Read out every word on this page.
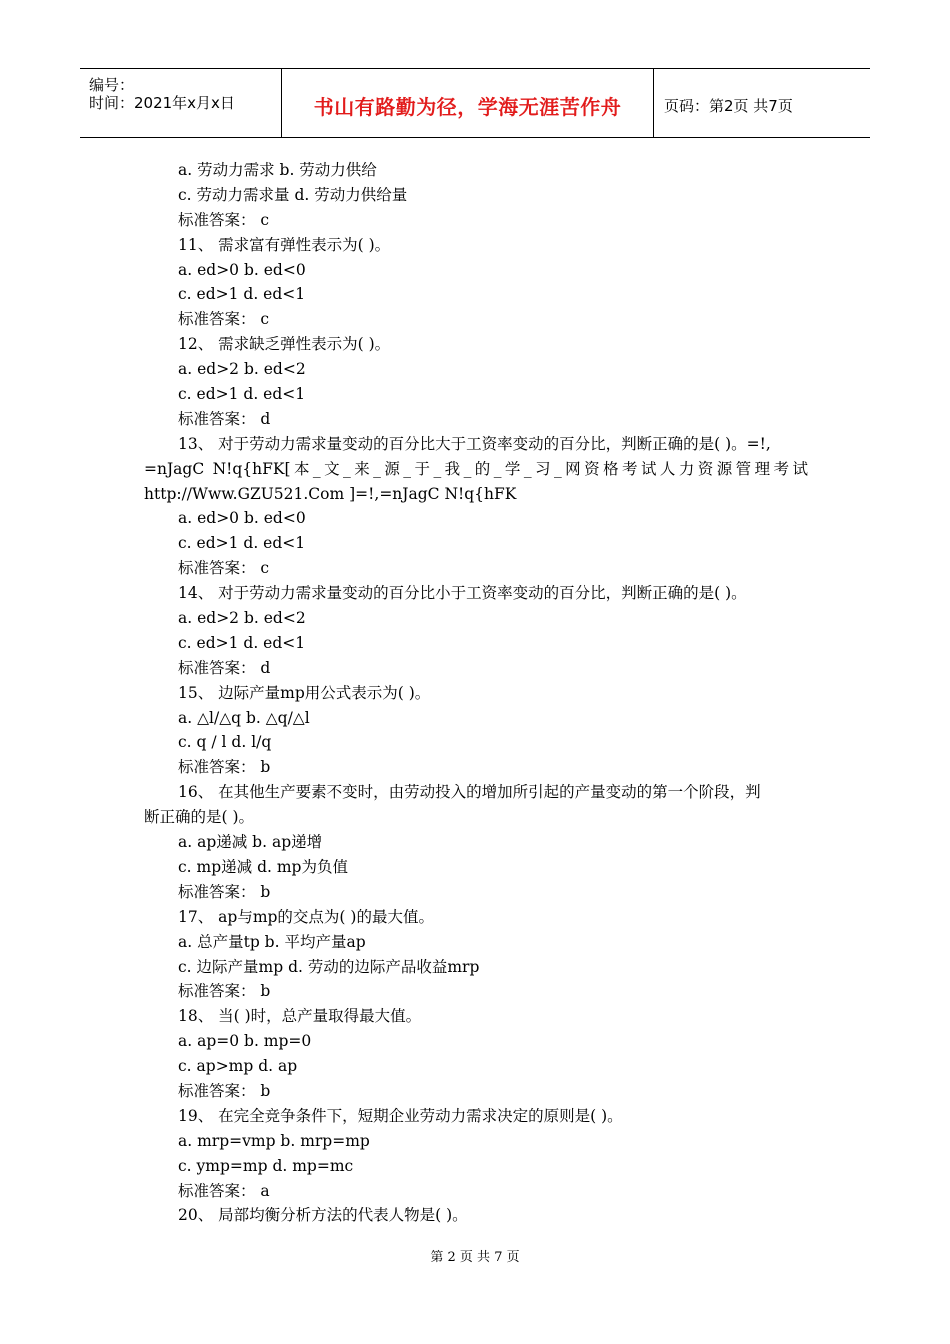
编号：
时间：2021年x月x日	书山有路勤为径，学海无涯苦作舟	页码：第2页 共7页
a. 劳动力需求 b. 劳动力供给
c. 劳动力需求量 d. 劳动力供给量
标准答案： c
11、 需求富有弹性表示为( )。
a. ed>0 b. ed<0
c. ed>1 d. ed<1
标准答案： c
12、 需求缺乏弹性表示为( )。
a. ed>2 b. ed<2
c. ed>1 d. ed<1
标准答案： d
13、 对于劳动力需求量变动的百分比大于工资率变动的百分比，判断正确的是( )。=!,
=nJagC N!q{hFK[本_文_来_源_于_我_的_学_习_网资格考试人力资源管理考试
http://Www.GZU521.Com ]=!,=nJagC N!q{hFK
a. ed>0 b. ed<0
c. ed>1 d. ed<1
标准答案： c
14、 对于劳动力需求量变动的百分比小于工资率变动的百分比，判断正确的是( )。
a. ed>2 b. ed<2
c. ed>1 d. ed<1
标准答案： d
15、 边际产量mp用公式表示为( )。
a. △l/△q b. △q/△l
c. q / l d. l/q
标准答案： b
16、 在其他生产要素不变时，由劳动投入的增加所引起的产量变动的第一个阶段，判
断正确的是( )。
a. ap递减 b. ap递增
c. mp递减 d. mp为负值
标准答案： b
17、 ap与mp的交点为( )的最大值。
a. 总产量tp b. 平均产量ap
c. 边际产量mp d. 劳动的边际产品收益mrp
标准答案： b
18、 当( )时，总产量取得最大值。
a. ap=0 b. mp=0
c. ap>mp d. ap
标准答案： b
19、 在完全竞争条件下，短期企业劳动力需求决定的原则是( )。
a. mrp=vmp b. mrp=mp
c. ymp=mp d. mp=mc
标准答案： a
20、 局部均衡分析方法的代表人物是( )。
第 2 页 共 7 页
